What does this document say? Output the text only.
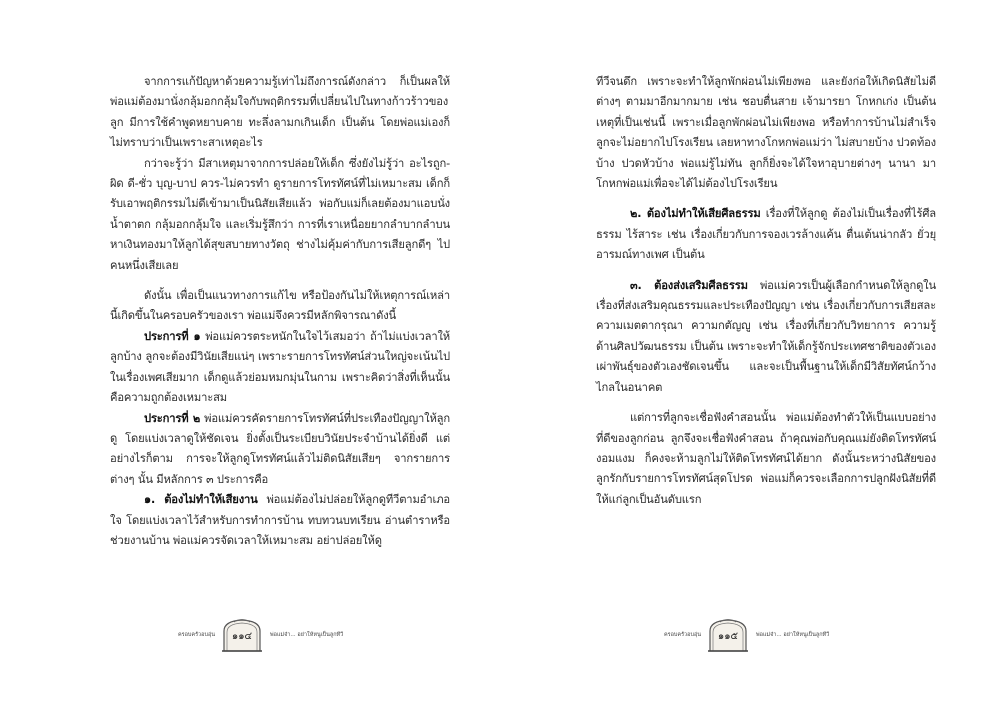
จากการแก้ปัญหาด้วยความรู้เท่าไม่ถึงการณ์ดังกล่าว ก็เป็นผลให้พ่อแม่ต้องมานั่งกลุ้มอกกลุ้มใจกับพฤติกรรมที่เปลี่ยนไปในทางก้าวร้าวของลูก มีการใช้คำพูดหยาบคาย ทะลึ่งลามกเกินเด็ก เป็นต้น โดยพ่อแม่เองก็ไม่ทราบว่าเป็นเพราะสาเหตุอะไร

กว่าจะรู้ว่า มีสาเหตุมาจากการปล่อยให้เด็ก ซึ่งยังไม่รู้ว่า อะไรถูก-ผิด ดี-ชั่ว บุญ-บาป ควร-ไม่ควรทำ ดูรายการโทรทัศน์ที่ไม่เหมาะสม เด็กก็รับเอาพฤติกรรมไม่ดีเข้ามาเป็นนิสัยเสียแล้ว พ่อกับแม่ก็เลยต้องมาแอบนั่งน้ำตาตก กลุ้มอกกลุ้มใจ และเริ่มรู้สึกว่า การที่เราเหนื่อยยากลำบากลำบนหาเงินทองมาให้ลูกได้สุขสบายทางวัตถุ ช่างไม่คุ้มค่ากับการเสียลูกดีๆ ไปคนหนึ่งเสียเลย

ดังนั้น เพื่อเป็นแนวทางการแก้ไข หรือป้องกันไม่ให้เหตุการณ์เหล่านี้เกิดขึ้นในครอบครัวของเรา พ่อแม่จึงควรมีหลักพิจารณาดังนี้

ประการที่ ๑ พ่อแม่ควรตระหนักในใจไว้เสมอว่า ถ้าไม่แบ่งเวลาให้ลูกบ้าง ลูกจะต้องมีวินัยเสียแน่ๆ เพราะรายการโทรทัศน์ส่วนใหญ่จะเน้นไปในเรื่องเพศเสียมาก เด็กดูแล้วย่อมหมกมุ่นในกาม เพราะคิดว่าสิ่งที่เห็นนั้นคือความถูกต้องเหมาะสม

ประการที่ ๒ พ่อแม่ควรคัดรายการโทรทัศน์ที่ประเทืองปัญญาให้ลูกดู โดยแบ่งเวลาดูให้ชัดเจน ยิ่งตั้งเป็นระเบียบวินัยประจำบ้านได้ยิ่งดี แต่อย่างไรก็ตาม การจะให้ลูกดูโทรทัศน์แล้วไม่ติดนิสัยเสียๆ จากรายการต่างๆ นั้น มีหลักการ ๓ ประการคือ

๑. ต้องไม่ทำให้เสียงาน พ่อแม่ต้องไม่ปล่อยให้ลูกดูทีวีตามอำเภอใจ โดยแบ่งเวลาไว้สำหรับการทำการบ้าน ทบทวนบทเรียน อ่านตำราหรือช่วยงานบ้าน พ่อแม่ควรจัดเวลาให้เหมาะสม อย่าปล่อยให้ดู

ครอบครัวอบอุ่น	๑๑๔	พ่อแม่จ๋า... อย่าให้หนูเป็นลูกทีวี

ทีวีจนดึก เพราะจะทำให้ลูกพักผ่อนไม่เพียงพอ และยังก่อให้เกิดนิสัยไม่ดีต่างๆ ตามมาอีกมากมาย เช่น ชอบตื่นสาย เจ้ามารยา โกหกเก่ง เป็นต้น เหตุที่เป็นเช่นนี้ เพราะเมื่อลูกพักผ่อนไม่เพียงพอ หรือทำการบ้านไม่สำเร็จ ลูกจะไม่อยากไปโรงเรียน เลยหาทางโกหกพ่อแม่ว่า ไม่สบายบ้าง ปวดท้องบ้าง ปวดหัวบ้าง พ่อแม่รู้ไม่ทัน ลูกก็ยิ่งจะได้ใจหาอุบายต่างๆ นานา มาโกหกพ่อแม่เพื่อจะได้ไม่ต้องไปโรงเรียน

๒. ต้องไม่ทำให้เสียศีลธรรม เรื่องที่ให้ลูกดู ต้องไม่เป็นเรื่องที่ไร้ศีลธรรม ไร้สาระ เช่น เรื่องเกี่ยวกับการจองเวรล้างแค้น ตื่นเต้นน่ากลัว ยั่วยุอารมณ์ทางเพศ เป็นต้น

๓. ต้องส่งเสริมศีลธรรม พ่อแม่ควรเป็นผู้เลือกกำหนดให้ลูกดูในเรื่องที่ส่งเสริมคุณธรรมและประเทืองปัญญา เช่น เรื่องเกี่ยวกับการเสียสละ ความเมตตากรุณา ความกตัญญู เช่น เรื่องที่เกี่ยวกับวิทยาการ ความรู้ด้านศิลปวัฒนธรรม เป็นต้น เพราะจะทำให้เด็กรู้จักประเทศชาติของตัวเอง เผ่าพันธุ์ของตัวเองชัดเจนขึ้น และจะเป็นพื้นฐานให้เด็กมีวิสัยทัศน์กว้างไกลในอนาคต

แต่การที่ลูกจะเชื่อฟังคำสอนนั้น พ่อแม่ต้องทำตัวให้เป็นแบบอย่างที่ดีของลูกก่อน ลูกจึงจะเชื่อฟังคำสอน ถ้าคุณพ่อกับคุณแม่ยังติดโทรทัศน์งอมแงม ก็คงจะห้ามลูกไม่ให้ติดโทรทัศน์ได้ยาก ดังนั้นระหว่างนิสัยของลูกรักกับรายการโทรทัศน์สุดโปรด พ่อแม่ก็ควรจะเลือกการปลูกฝังนิสัยที่ดีให้แก่ลูกเป็นอันดับแรก

ครอบครัวอบอุ่น	๑๑๕	พ่อแม่จ๋า... อย่าให้หนูเป็นลูกทีวี
